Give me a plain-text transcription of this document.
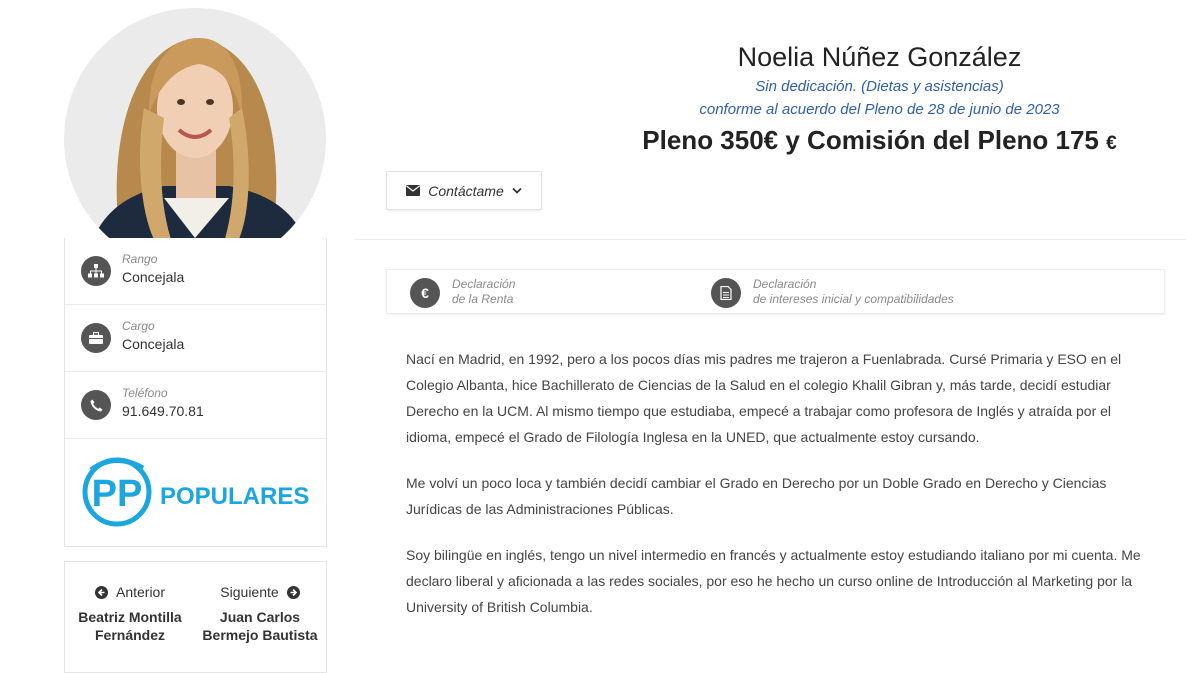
Rango
Concejala
Cargo
Concejala
Teléfono
91.649.70.81
PP POPULARES
Anterior
Beatriz Montilla Fernández
Siguiente
Juan Carlos Bermejo Bautista
Noelia Núñez González
Sin dedicación. (Dietas y asistencias)
conforme al acuerdo del Pleno de 28 de junio de 2023
Pleno 350€ y Comisión del Pleno 175 €
Contáctame
€
Declaración
de la Renta
Declaración
de intereses inicial y compatibilidades

Nací en Madrid, en 1992, pero a los pocos días mis padres me trajeron a Fuenlabrada. Cursé Primaria y ESO en el Colegio Albanta, hice Bachillerato de Ciencias de la Salud en el colegio Khalil Gibran y, más tarde, decidí estudiar Derecho en la UCM. Al mismo tiempo que estudiaba, empecé a trabajar como profesora de Inglés y atraída por el idioma, empecé el Grado de Filología Inglesa en la UNED, que actualmente estoy cursando.

Me volví un poco loca y también decidí cambiar el Grado en Derecho por un Doble Grado en Derecho y Ciencias Jurídicas de las Administraciones Públicas.

Soy bilingüe en inglés, tengo un nivel intermedio en francés y actualmente estoy estudiando italiano por mi cuenta. Me declaro liberal y aficionada a las redes sociales, por eso he hecho un curso online de Introducción al Marketing por la University of British Columbia.
